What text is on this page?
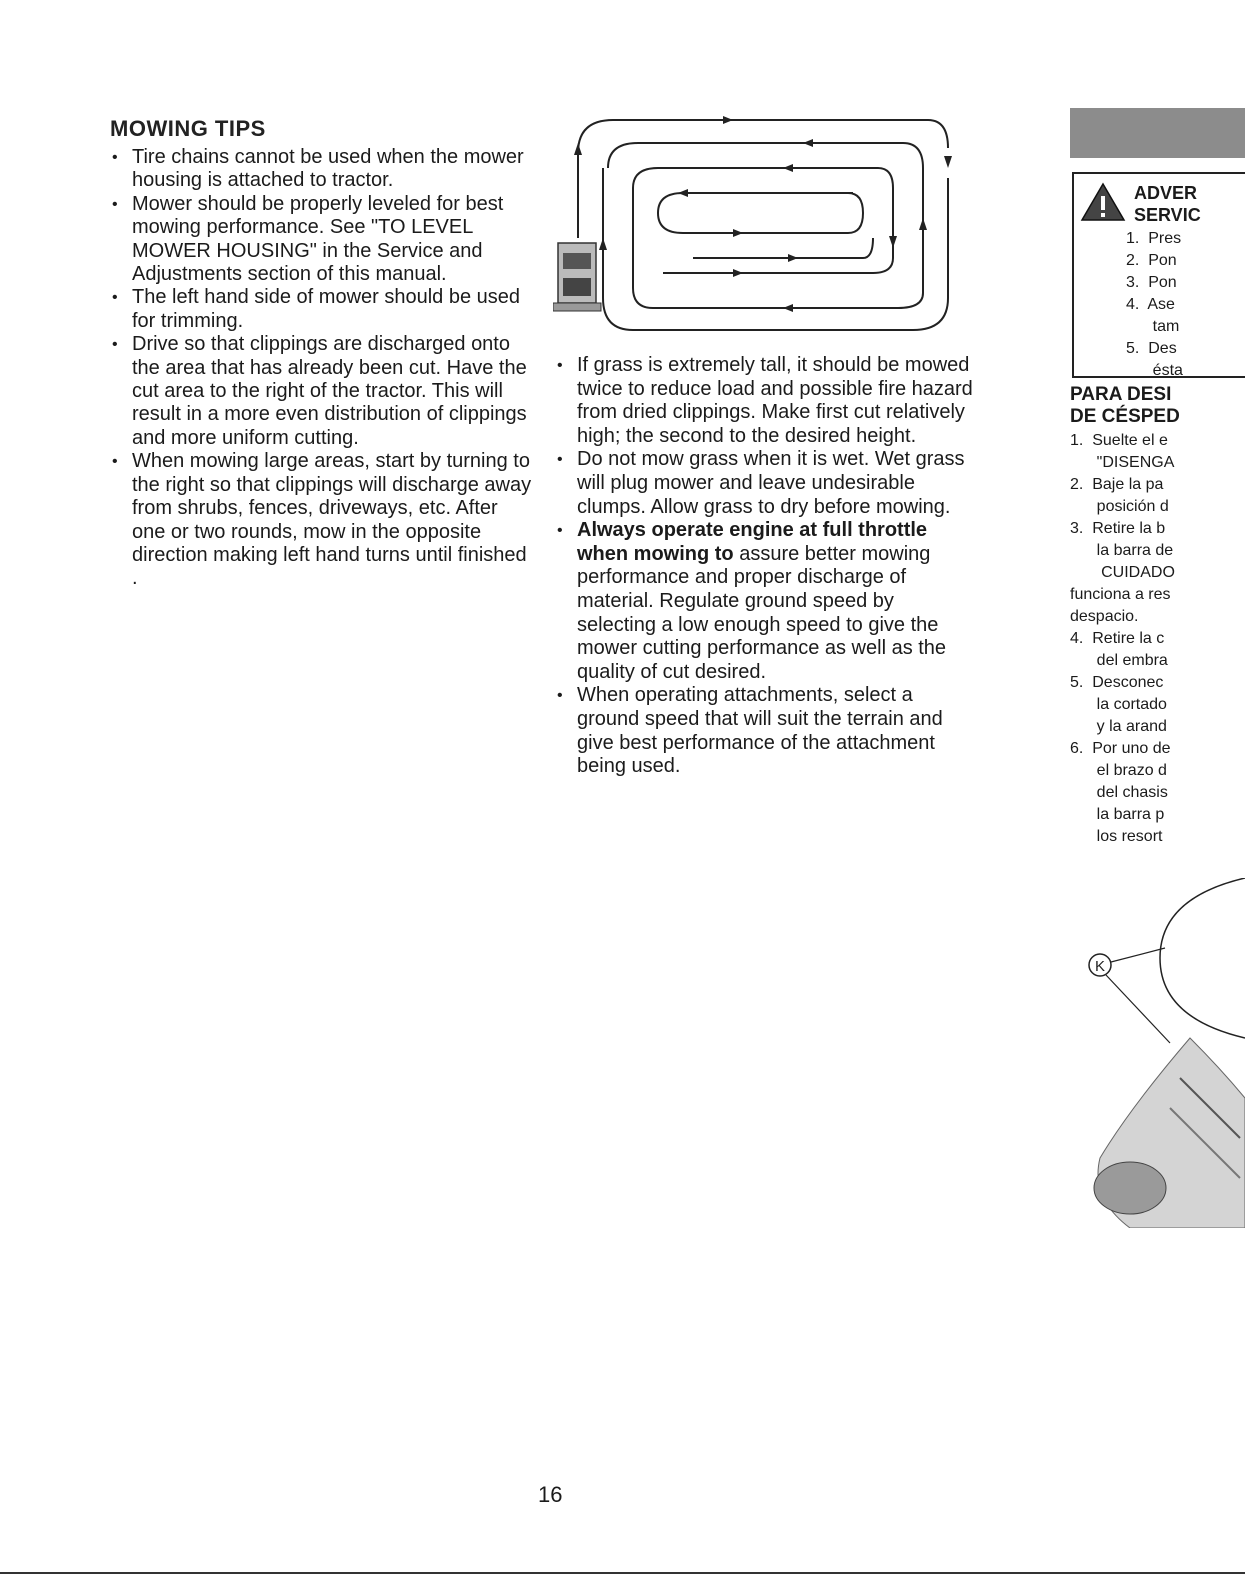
MOWING TIPS
• Tire chains cannot be used when the mower housing is attached to tractor.
• Mower should be properly leveled for best mowing performance. See "TO LEVEL MOWER HOUSING" in the Service and Adjustments section of this manual.
• The left hand side of mower should be used for trimming.
• Drive so that clippings are discharged onto the area that has already been cut. Have the cut area to the right of the tractor. This will result in a more even distribution of clippings and more uniform cutting.
• When mowing large areas, start by turning to the right so that clippings will discharge away from shrubs, fences, driveways, etc. After one or two rounds, mow in the opposite direction making left hand turns until finished .
• If grass is extremely tall, it should be mowed twice to reduce load and possible fire hazard from dried clippings. Make first cut relatively high; the second to the desired height.
• Do not mow grass when it is wet. Wet grass will plug mower and leave undesirable clumps. Allow grass to dry before mowing.
• Always operate engine at full throttle when mowing to assure better mowing performance and proper discharge of material. Regulate ground speed by selecting a low enough speed to give the mower cutting performance as well as the quality of cut desired.
• When operating attachments, select a ground speed that will suit the terrain and give best performance of the attachment being used.
ADVER
SERVIC
1.  Pres
2.  Pon
3.  Pon
4.  Ase
tam
5.  Des
ésta
PARA DESI
DE CÉSPED
1.  Suelte el e
"DISENGA
2.  Baje la pa
posición d
3.  Retire la b
la barra de
CUIDADO
funciona a res
despacio.
4.  Retire la c
del embra
5.  Desconec
la cortado
y la arand
6.  Por uno de
el brazo d
del chasis
la barra p
los resort
K
16
